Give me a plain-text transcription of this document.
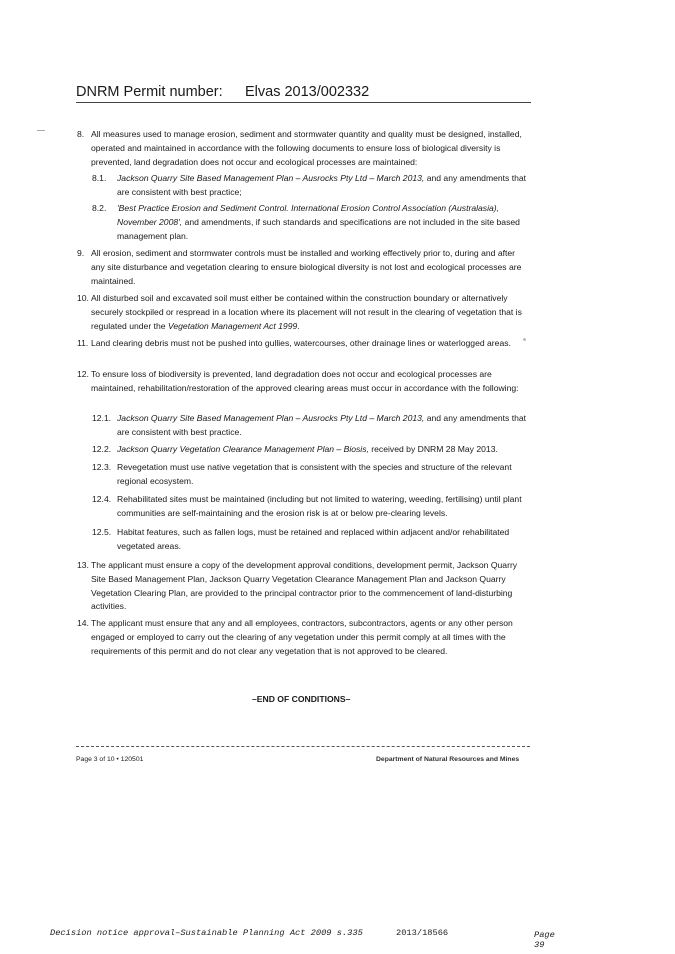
DNRM Permit number: Elvas 2013/002332
8. All measures used to manage erosion, sediment and stormwater quantity and quality must be designed, installed, operated and maintained in accordance with the following documents to ensure loss of biological diversity is prevented, land degradation does not occur and ecological processes are maintained:
8.1. Jackson Quarry Site Based Management Plan – Ausrocks Pty Ltd – March 2013, and any amendments that are consistent with best practice;
8.2. 'Best Practice Erosion and Sediment Control. International Erosion Control Association (Australasia), November 2008', and amendments, if such standards and specifications are not included in the site based management plan.
9. All erosion, sediment and stormwater controls must be installed and working effectively prior to, during and after any site disturbance and vegetation clearing to ensure biological diversity is not lost and ecological processes are maintained.
10. All disturbed soil and excavated soil must either be contained within the construction boundary or alternatively securely stockpiled or respread in a location where its placement will not result in the clearing of vegetation that is regulated under the Vegetation Management Act 1999.
11. Land clearing debris must not be pushed into gullies, watercourses, other drainage lines or waterlogged areas.
12. To ensure loss of biodiversity is prevented, land degradation does not occur and ecological processes are maintained, rehabilitation/restoration of the approved clearing areas must occur in accordance with the following:
12.1. Jackson Quarry Site Based Management Plan – Ausrocks Pty Ltd – March 2013, and any amendments that are consistent with best practice.
12.2. Jackson Quarry Vegetation Clearance Management Plan – Biosis, received by DNRM 28 May 2013.
12.3. Revegetation must use native vegetation that is consistent with the species and structure of the relevant regional ecosystem.
12.4. Rehabilitated sites must be maintained (including but not limited to watering, weeding, fertilising) until plant communities are self-maintaining and the erosion risk is at or below pre-clearing levels.
12.5. Habitat features, such as fallen logs, must be retained and replaced within adjacent and/or rehabilitated vegetated areas.
13. The applicant must ensure a copy of the development approval conditions, development permit, Jackson Quarry Site Based Management Plan, Jackson Quarry Vegetation Clearance Management Plan and Jackson Quarry Vegetation Clearing Plan, are provided to the principal contractor prior to the commencement of land-disturbing activities.
14. The applicant must ensure that any and all employees, contractors, subcontractors, agents or any other person engaged or employed to carry out the clearing of any vegetation under this permit comply at all times with the requirements of this permit and do not clear any vegetation that is not approved to be cleared.
–END OF CONDITIONS–
Page 3 of 10 • 120501	Department of Natural Resources and Mines
Decision notice approval–Sustainable Planning Act 2009 s.335	2013/18566	Page 39
